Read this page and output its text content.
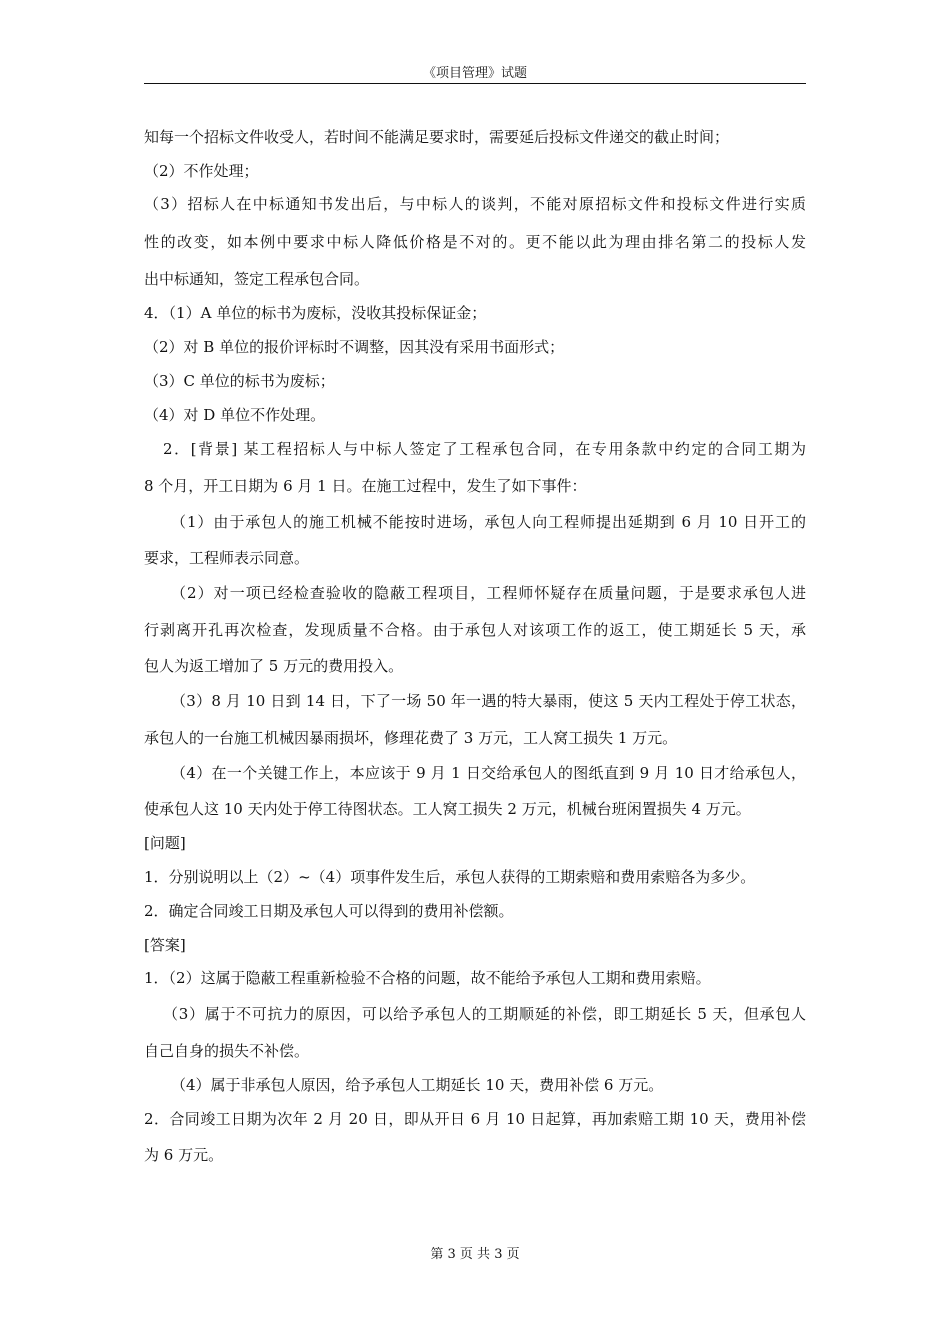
《项目管理》试题
知每一个招标文件收受人，若时间不能满足要求时，需要延后投标文件递交的截止时间；
（2）不作处理；
（3）招标人在中标通知书发出后，与中标人的谈判，不能对原招标文件和投标文件进行实质
性的改变，如本例中要求中标人降低价格是不对的。更不能以此为理由排名第二的投标人发
出中标通知，签定工程承包合同。
4．（1）A 单位的标书为废标，没收其投标保证金；
（2）对 B 单位的报价评标时不调整，因其没有采用书面形式；
（3）C 单位的标书为废标；
（4）对 D 单位不作处理。
2．[背景] 某工程招标人与中标人签定了工程承包合同，在专用条款中约定的合同工期为
8 个月，开工日期为 6 月 1 日。在施工过程中，发生了如下事件：
（1）由于承包人的施工机械不能按时进场，承包人向工程师提出延期到 6 月 10 日开工的
要求，工程师表示同意。
（2）对一项已经检查验收的隐蔽工程项目，工程师怀疑存在质量问题，于是要求承包人进
行剥离开孔再次检查，发现质量不合格。由于承包人对该项工作的返工，使工期延长 5 天，承
包人为返工增加了 5 万元的费用投入。
（3）8 月 10 日到 14 日，下了一场 50 年一遇的特大暴雨，使这 5 天内工程处于停工状态，
承包人的一台施工机械因暴雨损坏，修理花费了 3 万元，工人窝工损失 1 万元。
（4）在一个关键工作上，本应该于 9 月 1 日交给承包人的图纸直到 9 月 10 日才给承包人，
使承包人这 10 天内处于停工待图状态。工人窝工损失 2 万元，机械台班闲置损失 4 万元。
[问题]
1．分别说明以上（2）~（4）项事件发生后，承包人获得的工期索赔和费用索赔各为多少。
2．确定合同竣工日期及承包人可以得到的费用补偿额。
[答案]
1．（2）这属于隐蔽工程重新检验不合格的问题，故不能给予承包人工期和费用索赔。
（3）属于不可抗力的原因，可以给予承包人的工期顺延的补偿，即工期延长 5 天，但承包人
自己自身的损失不补偿。
（4）属于非承包人原因，给予承包人工期延长 10 天，费用补偿 6 万元。
2．合同竣工日期为次年 2 月 20 日，即从开日 6 月 10 日起算，再加索赔工期 10 天，费用补偿
为 6 万元。
第 3 页 共 3 页
